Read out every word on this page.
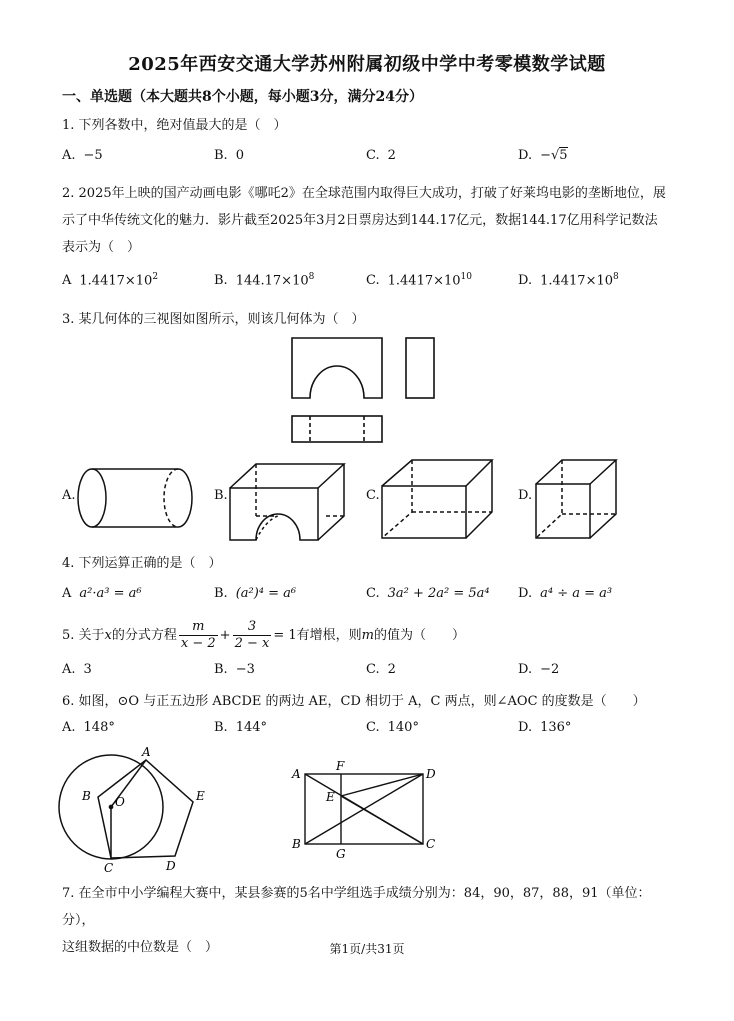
2025年西安交通大学苏州附属初级中学中考零模数学试题
一、单选题（本大题共8个小题，每小题3分，满分24分）
1. 下列各数中，绝对值最大的是（　）
A. −5	B. 0	C. 2	D. −√5
2. 2025年上映的国产动画电影《哪吒2》在全球范围内取得巨大成功，打破了好莱坞电影的垄断地位，展
示了中华传统文化的魅力．影片截至2025年3月2日票房达到144.17亿元，数据144.17亿用科学记数法
表示为（　）
A $1.4417\times 10^2$	B. $144.17\times 10^8$	C. $1.4417\times 10^{10}$	D. $1.4417\times 10^8$
3. 某几何体的三视图如图所示，则该几何体为（　）
A.	B.	C.	D.
4. 下列运算正确的是（　）
A a²·a³ = a⁶	B. (a²)⁴ = a⁶	C. 3a² + 2a² = 5a⁴ D. a⁴ ÷ a = a³
5. 关于x的分式方程 $\frac{m}{x - 2} + \frac{3}{2 - x} = 1$有增根，则m的值为（　　）
A. 3	B. −3	C. 2	D. −2
6. 如图，⊙O 与正五边形 ABCDE 的两边 AE，CD 相切于 A，C 两点，则∠AOC 的度数是（　　）
A. 148°	B. 144°	C. 140°	D. 136°
A
B
C	D
E
O
A
B	C
D
E
F
G
7. 在全市中小学编程大赛中，某县参赛的5名中学组选手成绩分别为：84，90，87，88，91（单位：分），
这组数据的中位数是（　）	第1页/共31页
